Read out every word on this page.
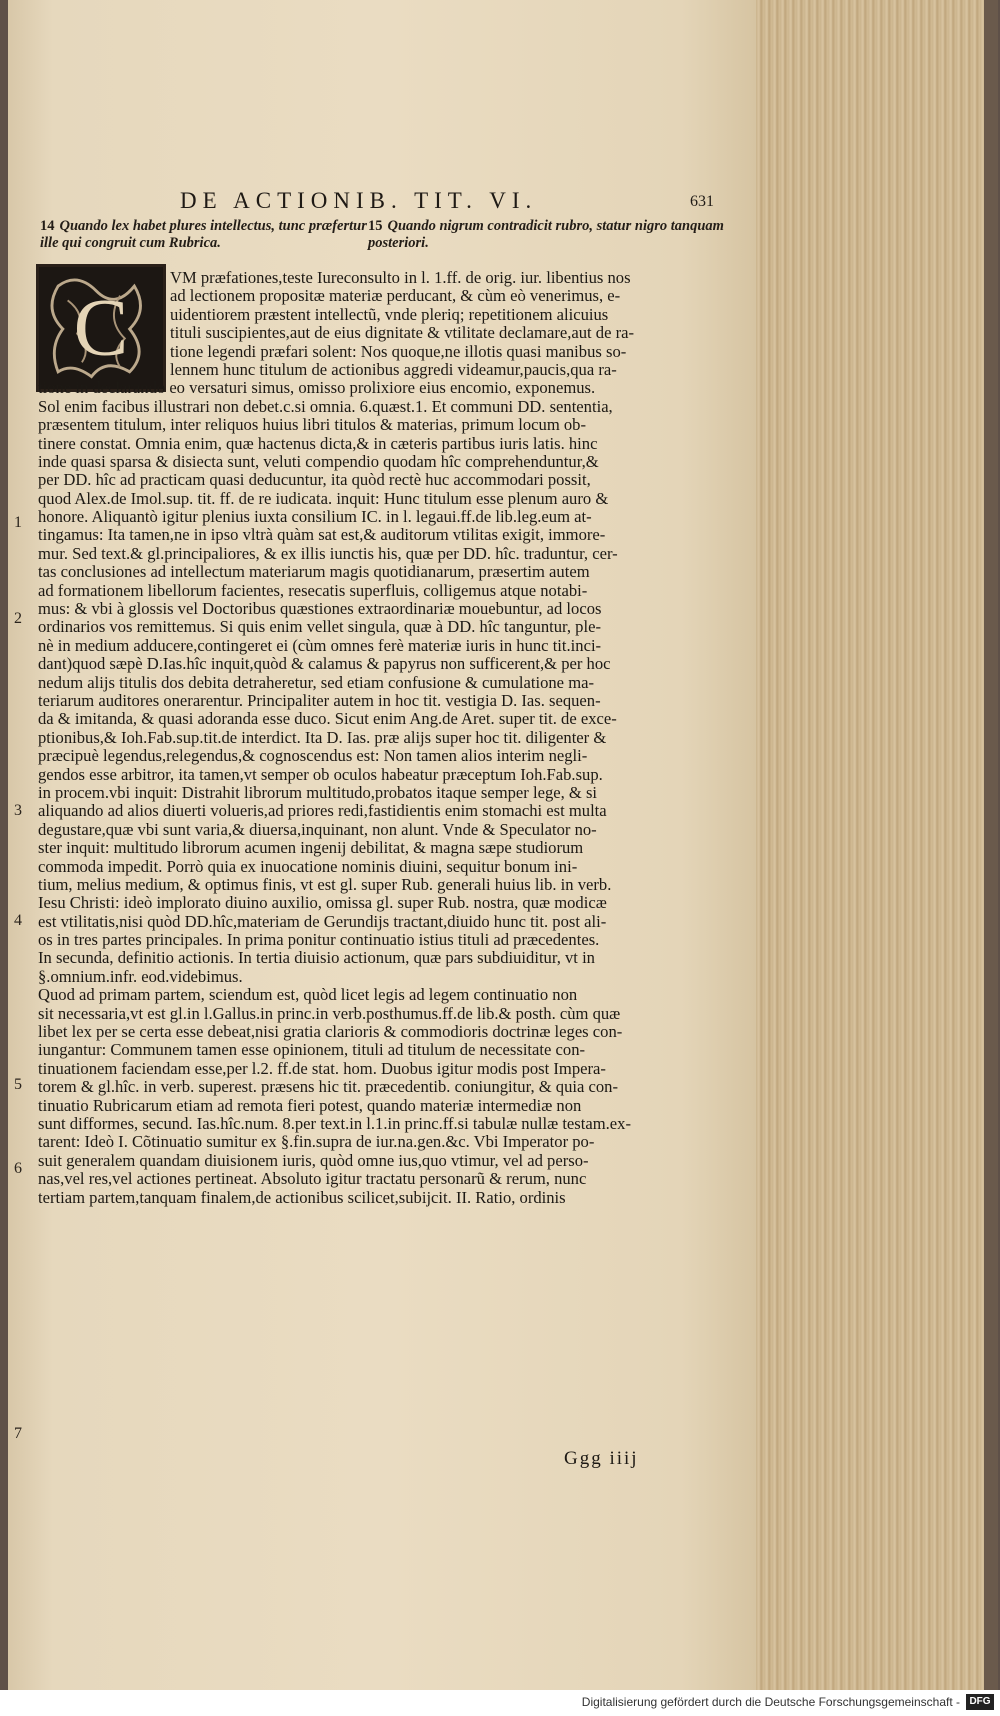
DE ACTIONIB. TIT. VI.	631
14 Quando lex habet plures intellectus, tunc præfertur ille qui congruit cum Rubrica.
15 Quando nigrum contradicit rubro, statur nigro tanquam posteriori.
C
VM præfationes,teste Iureconsulto in l. 1.ff. de orig. iur. libentius nos
ad lectionem propositæ materiæ perducant, & cùm eò venerimus, e-
uidentiorem præstent intellectũ, vnde pleriq; repetitionem alicuius
tituli suscipientes,aut de eius dignitate & vtilitate declamare,aut de ra-
tione legendi præfari solent: Nos quoque,ne illotis quasi manibus so-
lennem hunc titulum de actionibus aggredi videamur,paucis,qua ra-
tione in declarando eo versaturi simus, omisso prolixiore eius encomio, exponemus.
Sol enim facibus illustrari non debet.c.si omnia. 6.quæst.1. Et communi DD. sententia,
præsentem titulum, inter reliquos huius libri titulos & materias, primum locum ob-
tinere constat. Omnia enim, quæ hactenus dicta,& in cæteris partibus iuris latis. hinc
inde quasi sparsa & disiecta sunt, veluti compendio quodam hîc comprehenduntur,&
per DD. hîc ad practicam quasi deducuntur, ita quòd rectè huc accommodari possit,
quod Alex.de Imol.sup. tit. ff. de re iudicata. inquit: Hunc titulum esse plenum auro &
honore. Aliquantò igitur plenius iuxta consilium IC. in l. legaui.ff.de lib.leg.eum at-
tingamus: Ita tamen,ne in ipso vltrà quàm sat est,& auditorum vtilitas exigit, immore-
mur. Sed text.& gl.principaliores, & ex illis iunctis his, quæ per DD. hîc. traduntur, cer-
tas conclusiones ad intellectum materiarum magis quotidianarum, præsertim autem
ad formationem libellorum facientes, resecatis superfluis, colligemus atque notabi-
mus: & vbi à glossis vel Doctoribus quæstiones extraordinariæ mouebuntur, ad locos
ordinarios vos remittemus. Si quis enim vellet singula, quæ à DD. hîc tanguntur, ple-
nè in medium adducere,contingeret ei (cùm omnes ferè materiæ iuris in hunc tit.inci-
dant)quod sæpè D.Ias.hîc inquit,quòd & calamus & papyrus non sufficerent,& per hoc
nedum alijs titulis dos debita detraheretur, sed etiam confusione & cumulatione ma-
teriarum auditores onerarentur. Principaliter autem in hoc tit. vestigia D. Ias. sequen-
da & imitanda, & quasi adoranda esse duco. Sicut enim Ang.de Aret. super tit. de exce-
ptionibus,& Ioh.Fab.sup.tit.de interdict. Ita D. Ias. præ alijs super hoc tit. diligenter &
præcipuè legendus,relegendus,& cognoscendus est: Non tamen alios interim negli-
gendos esse arbitror, ita tamen,vt semper ob oculos habeatur præceptum Ioh.Fab.sup.
in procem.vbi inquit: Distrahit librorum multitudo,probatos itaque semper lege, & si
aliquando ad alios diuerti volueris,ad priores redi,fastidientis enim stomachi est multa
degustare,quæ vbi sunt varia,& diuersa,inquinant, non alunt. Vnde & Speculator no-
ster inquit: multitudo librorum acumen ingenij debilitat, & magna sæpe studiorum
commoda impedit. Porrò quia ex inuocatione nominis diuini, sequitur bonum ini-
tium, melius medium, & optimus finis, vt est gl. super Rub. generali huius lib. in verb.
Iesu Christi: ideò implorato diuino auxilio, omissa gl. super Rub. nostra, quæ modicæ
est vtilitatis,nisi quòd DD.hîc,materiam de Gerundijs tractant,diuido hunc tit. post ali-
os in tres partes principales. In prima ponitur continuatio istius tituli ad præcedentes.
In secunda, definitio actionis. In tertia diuisio actionum, quæ pars subdiuiditur, vt in
§.omnium.infr. eod.videbimus.
Quod ad primam partem, sciendum est, quòd licet legis ad legem continuatio non
sit necessaria,vt est gl.in l.Gallus.in princ.in verb.posthumus.ff.de lib.& posth. cùm quæ
libet lex per se certa esse debeat,nisi gratia clarioris & commodioris doctrinæ leges con-
iungantur: Communem tamen esse opinionem, tituli ad titulum de necessitate con-
tinuationem faciendam esse,per l.2. ff.de stat. hom. Duobus igitur modis post Impera-
torem & gl.hîc. in verb. superest. præsens hic tit. præcedentib. coniungitur, & quia con-
tinuatio Rubricarum etiam ad remota fieri potest, quando materiæ intermediæ non
sunt difformes, secund. Ias.hîc.num. 8.per text.in l.1.in princ.ff.si tabulæ nullæ testam.ex-
tarent: Ideò I. Cõtinuatio sumitur ex §.fin.supra de iur.na.gen.&c. Vbi Imperator po-
suit generalem quandam diuisionem iuris, quòd omne ius,quo vtimur, vel ad perso-
nas,vel res,vel actiones pertineat. Absoluto igitur tractatu personarũ & rerum, nunc
tertiam partem,tanquam finalem,de actionibus scilicet,subijcit. II. Ratio, ordinis
1
2
3
4
5
6
7
Ggg iiij
Digitalisierung gefördert durch die Deutsche Forschungsgemeinschaft - DFG
